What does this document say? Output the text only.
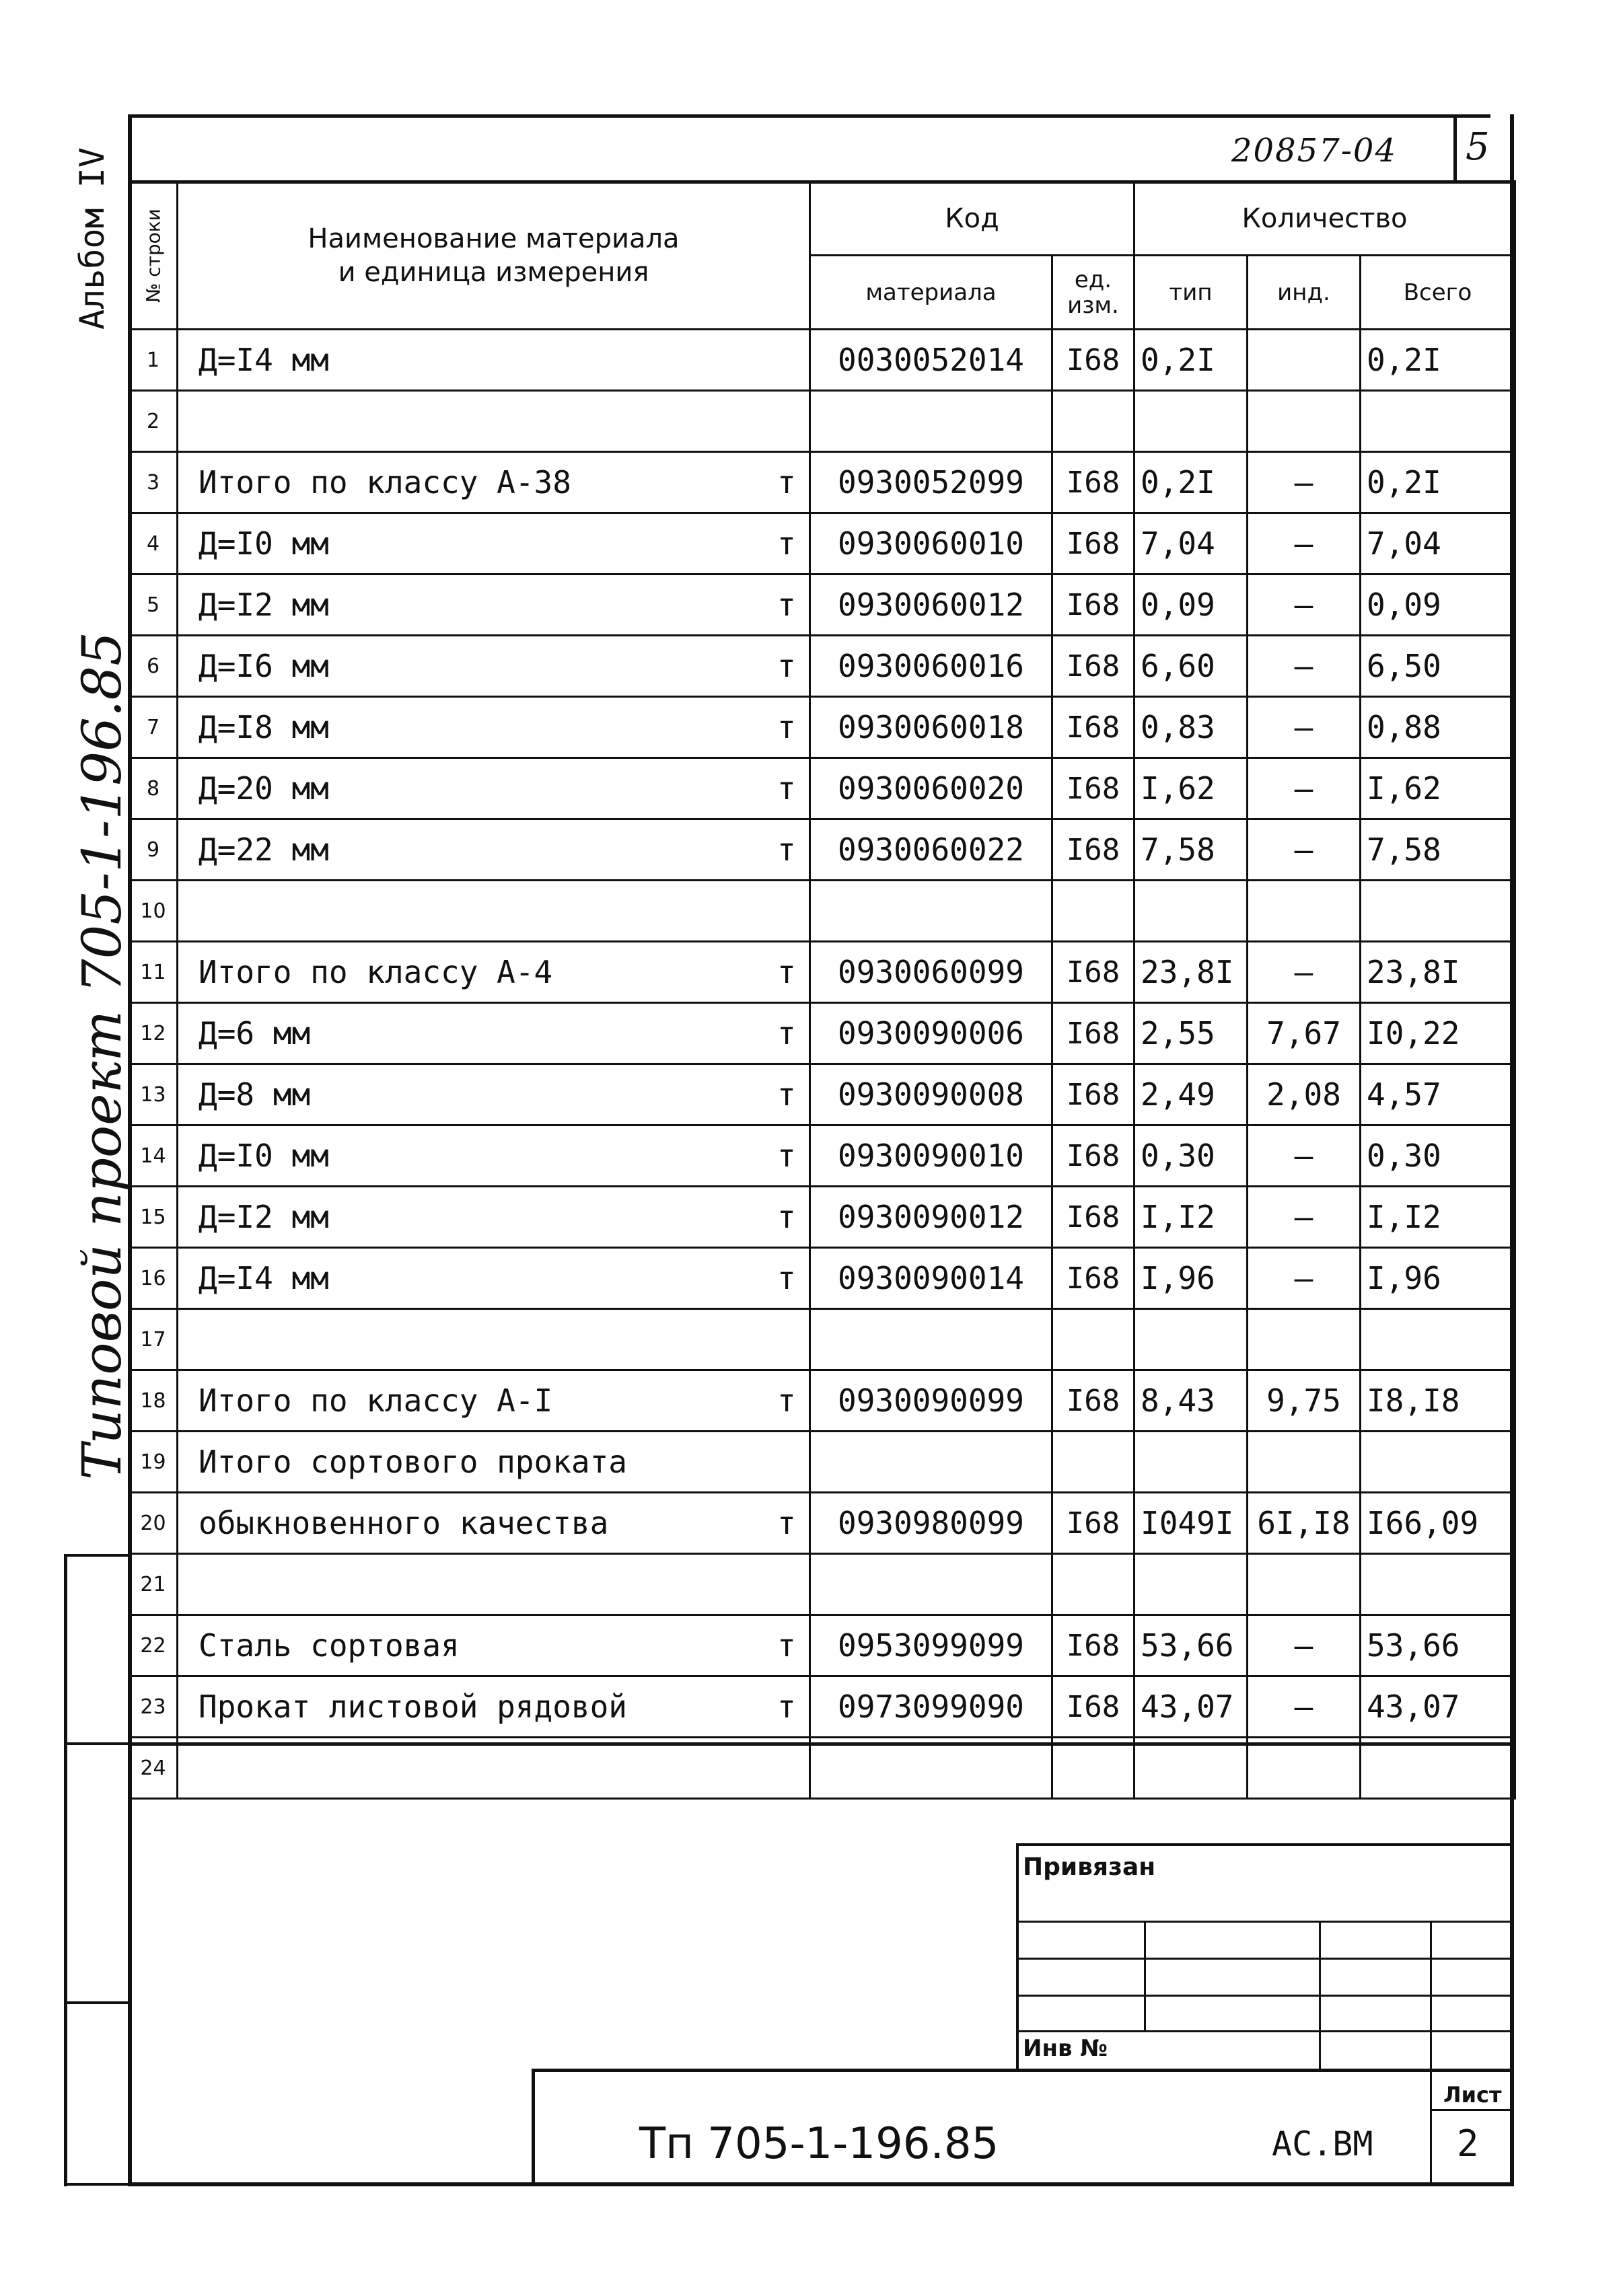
20857-04 5
Альбом IV
Типовой проект 705-1-196.85
№ строки	Наименование материала
и единица измерения	Код		Количество		
		материала	ед. изм.	тип	инд.	Всего
1	Д=I4 мм	0030052014	I68	0,2I		0,2I
2	

3	Итого по классу А-38 т	0930052099	I68	0,2I	–	0,2I
4	Д=I0 мм т	0930060010	I68	7,04	–	7,04
5	Д=I2 мм т	0930060012	I68	0,09	–	0,09
6	Д=I6 мм т	0930060016	I68	6,60	–	6,50
7	Д=I8 мм т	0930060018	I68	0,83	–	0,88
8	Д=20 мм т	0930060020	I68	I,62	–	I,62
9	Д=22 мм т	0930060022	I68	7,58	–	7,58
10	

11	Итого по классу А-4 т	0930060099	I68	23,8I	–	23,8I
12	Д=6 мм т	0930090006	I68	2,55	7,67	I0,22
13	Д=8 мм т	0930090008	I68	2,49	2,08	4,57
14	Д=I0 мм т	0930090010	I68	0,30	–	0,30
15	Д=I2 мм т	0930090012	I68	I,I2	–	I,I2
16	Д=I4 мм т	0930090014	I68	I,96	–	I,96
17	

18	Итого по классу А-I т	0930090099	I68	8,43	9,75	I8,I8
19	Итого сортового проката

20	обыкновенного качества т	0930980099	I68	I049I	6I,I8	I66,09
21	

22	Сталь сортовая т	0953099099	I68	53,66	–	53,66
23	Прокат листовой рядовой т	0973099090	I68	43,07	–	43,07
24	

Привязан
Инв №
Тп 705-1-196.85	АС.ВМ
Лист
2
